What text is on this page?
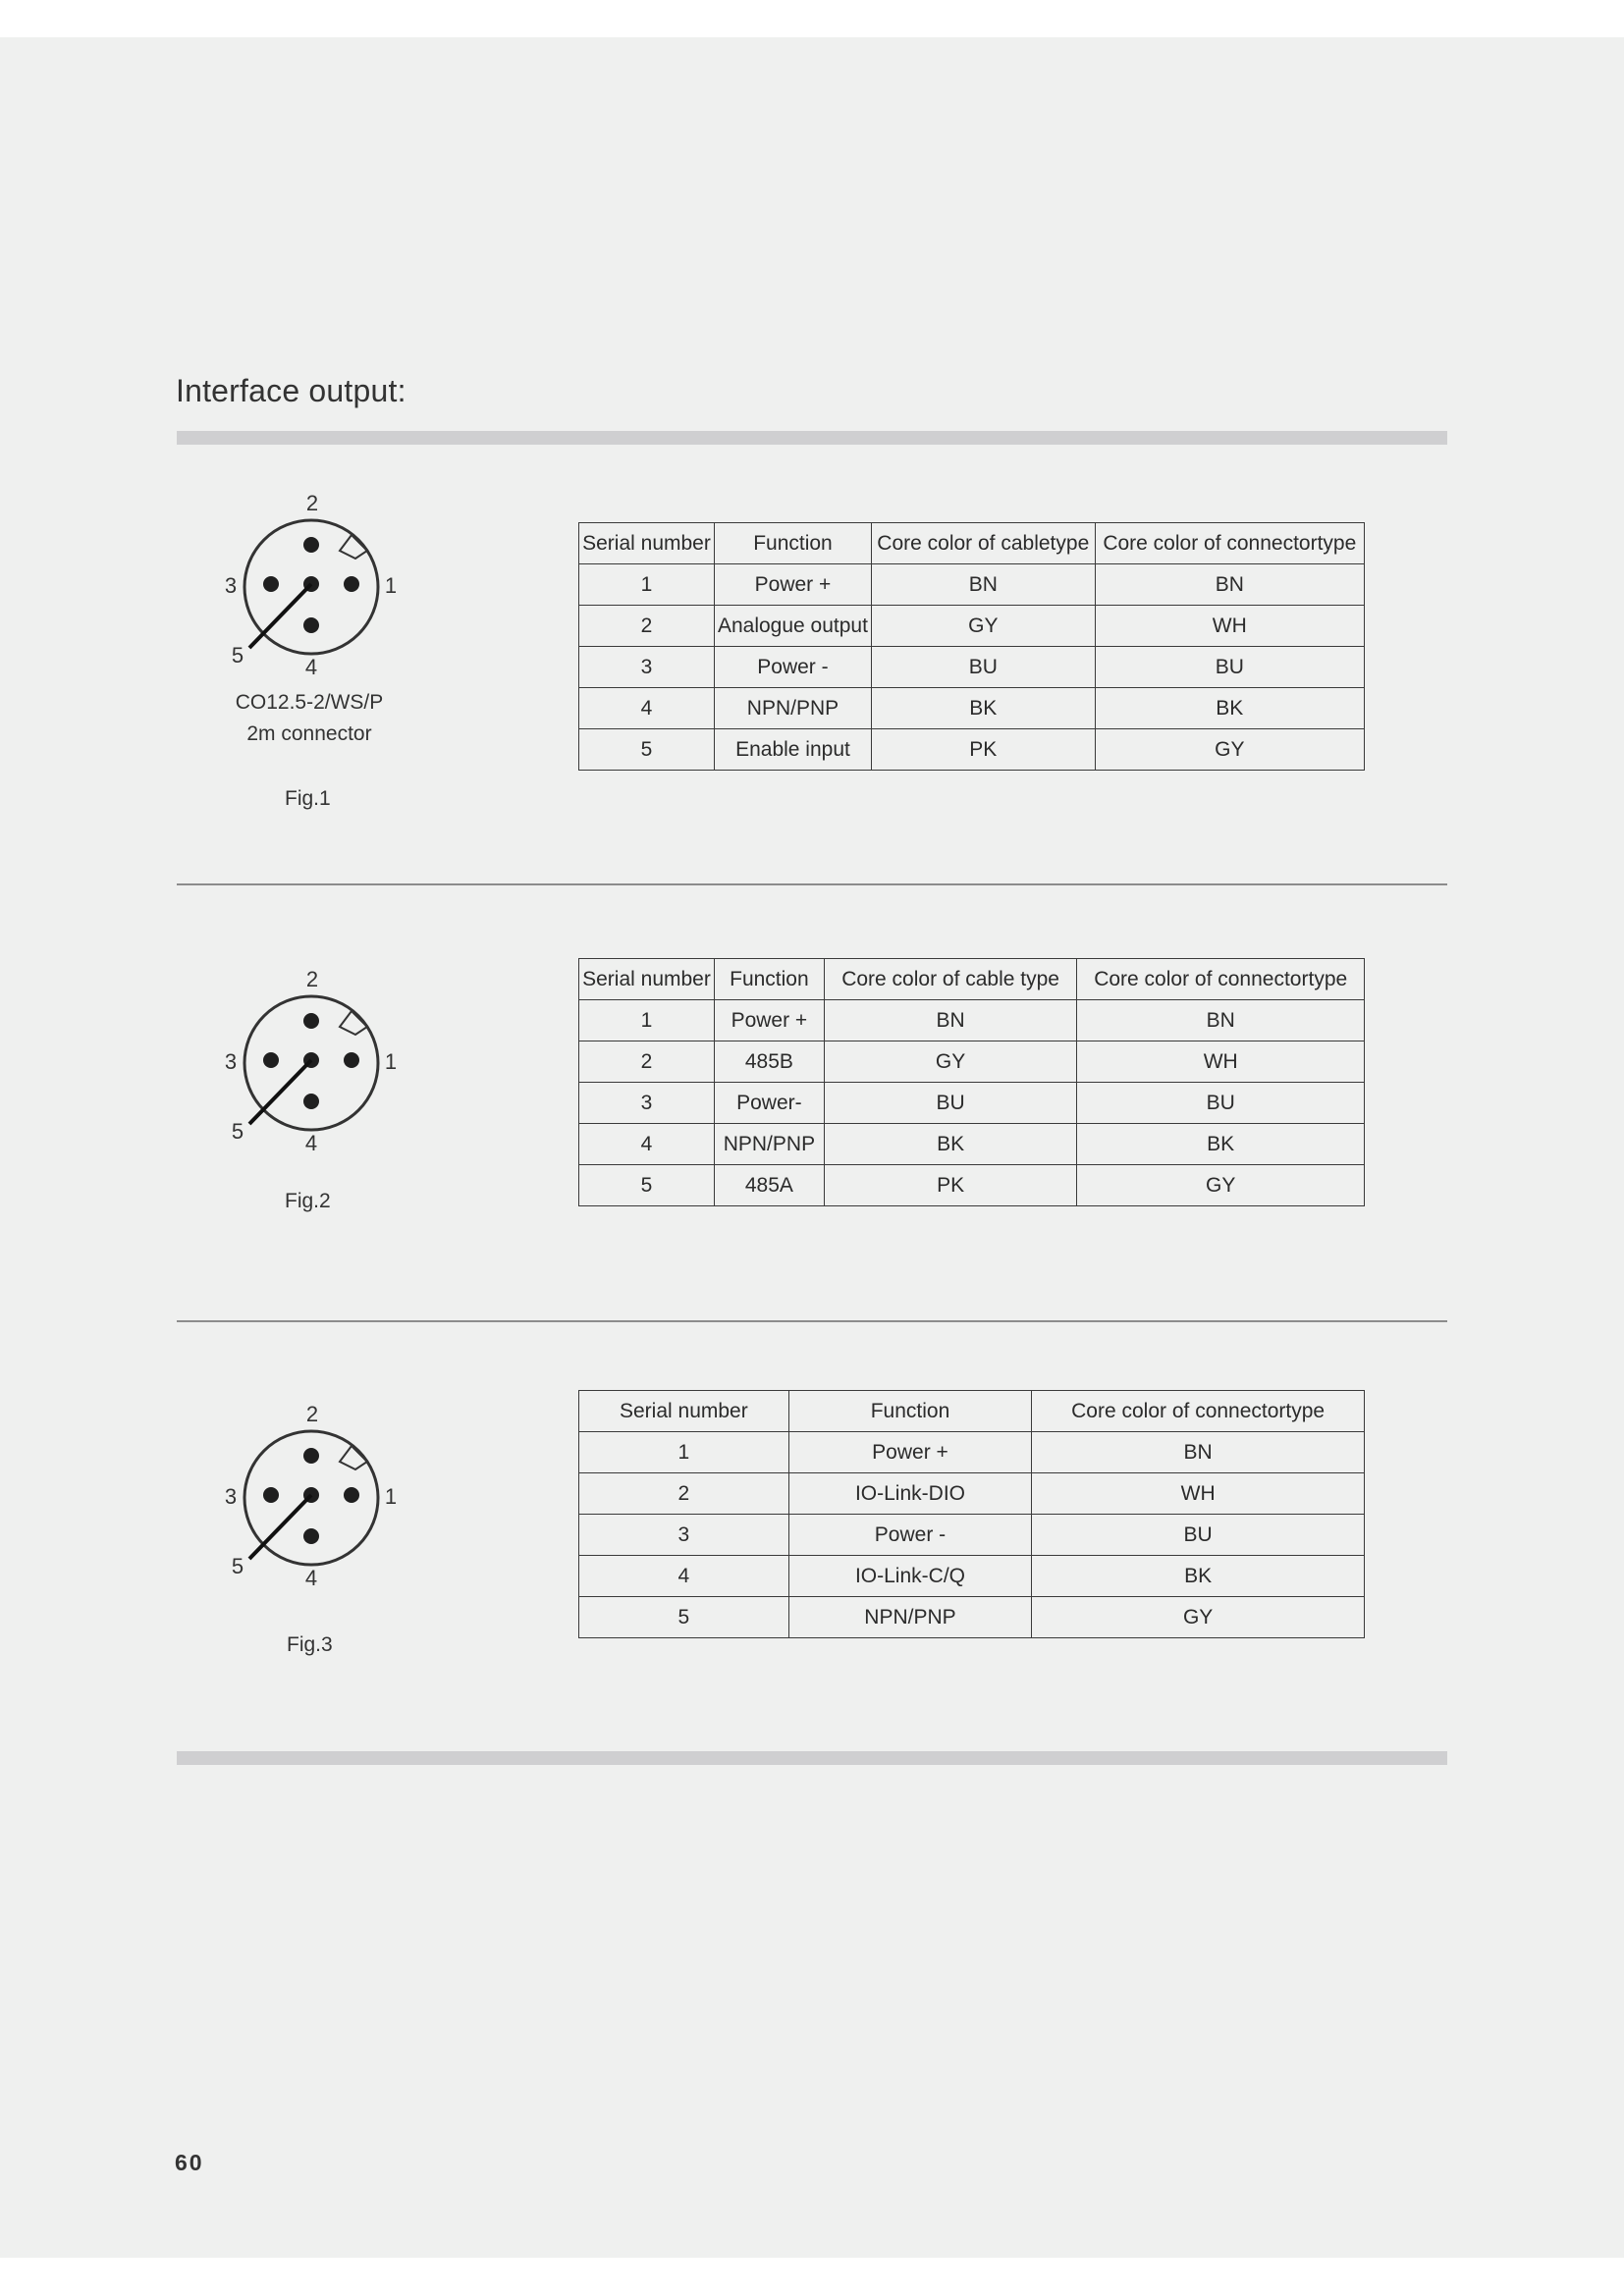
Interface output:
2
3	1
5	4
CO12.5-2/WS/P
2m connector
Fig.1
Serial number	Function	Core color of cabletype	Core color of connectortype
1	Power +	BN	BN
2	Analogue output	GY	WH
3	Power -	BU	BU
4	NPN/PNP	BK	BK
5	Enable input	PK	GY
2
3	1
5	4
Fig.2
Serial number	Function	Core color of cable type	Core color of connectortype
1	Power +	BN	BN
2	485B	GY	WH
3	Power-	BU	BU
4	NPN/PNP	BK	BK
5	485A	PK	GY
2
3	1
5	4
Fig.3
Serial number	Function	Core color of connectortype
1	Power +	BN
2	IO-Link-DIO	WH
3	Power -	BU
4	IO-Link-C/Q	BK
5	NPN/PNP	GY
60
